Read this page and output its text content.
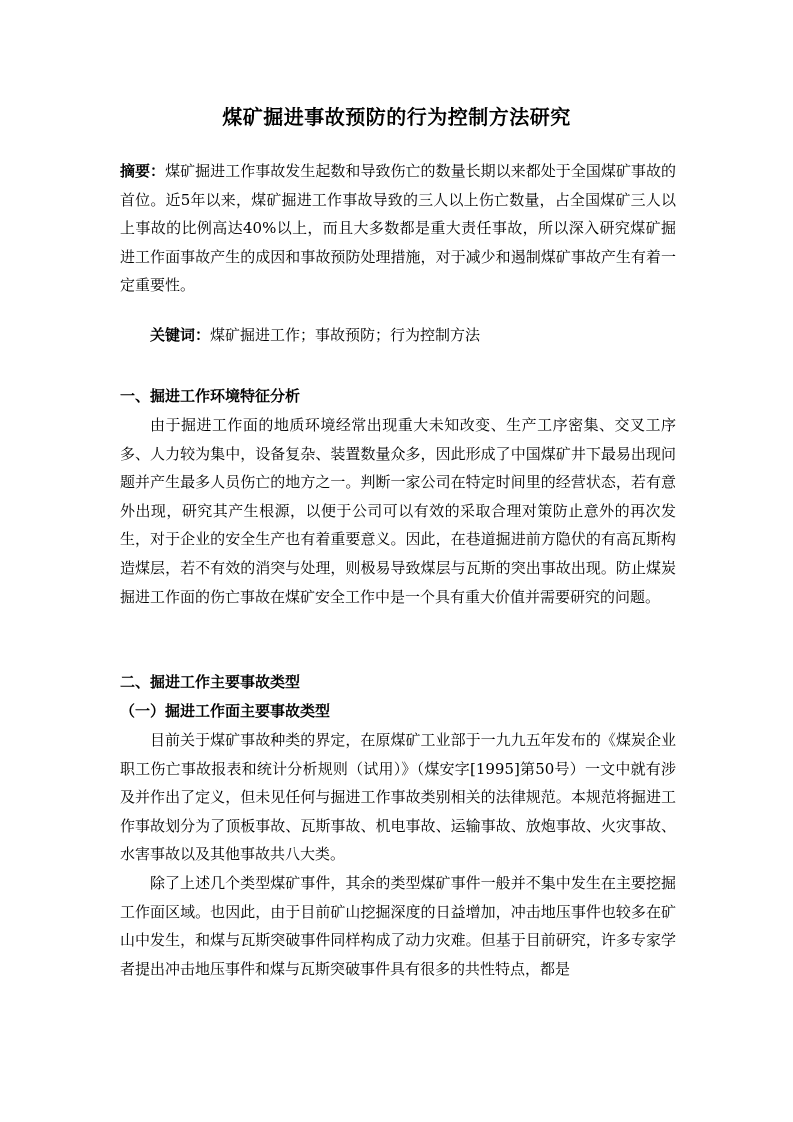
煤矿掘进事故预防的行为控制方法研究

摘要：煤矿掘进工作事故发生起数和导致伤亡的数量长期以来都处于全国煤矿事故的首位。近5年以来，煤矿掘进工作事故导致的三人以上伤亡数量，占全国煤矿三人以上事故的比例高达40%以上，而且大多数都是重大责任事故，所以深入研究煤矿掘进工作面事故产生的成因和事故预防处理措施，对于减少和遏制煤矿事故产生有着一定重要性。

关键词：煤矿掘进工作；事故预防；行为控制方法

一、掘进工作环境特征分析

由于掘进工作面的地质环境经常出现重大未知改变、生产工序密集、交叉工序多、人力较为集中，设备复杂、装置数量众多，因此形成了中国煤矿井下最易出现问题并产生最多人员伤亡的地方之一。判断一家公司在特定时间里的经营状态，若有意外出现，研究其产生根源，以便于公司可以有效的采取合理对策防止意外的再次发生，对于企业的安全生产也有着重要意义。因此，在巷道掘进前方隐伏的有高瓦斯构造煤层，若不有效的消突与处理，则极易导致煤层与瓦斯的突出事故出现。防止煤炭掘进工作面的伤亡事故在煤矿安全工作中是一个具有重大价值并需要研究的问题。

二、掘进工作主要事故类型
（一）掘进工作面主要事故类型

目前关于煤矿事故种类的界定，在原煤矿工业部于一九九五年发布的《煤炭企业职工伤亡事故报表和统计分析规则（试用）》（煤安字[1995]第50号）一文中就有涉及并作出了定义，但未见任何与掘进工作事故类别相关的法律规范。本规范将掘进工作事故划分为了顶板事故、瓦斯事故、机电事故、运输事故、放炮事故、火灾事故、水害事故以及其他事故共八大类。

除了上述几个类型煤矿事件，其余的类型煤矿事件一般并不集中发生在主要挖掘工作面区域。也因此，由于目前矿山挖掘深度的日益增加，冲击地压事件也较多在矿山中发生，和煤与瓦斯突破事件同样构成了动力灾难。但基于目前研究，许多专家学者提出冲击地压事件和煤与瓦斯突破事件具有很多的共性特点，都是
